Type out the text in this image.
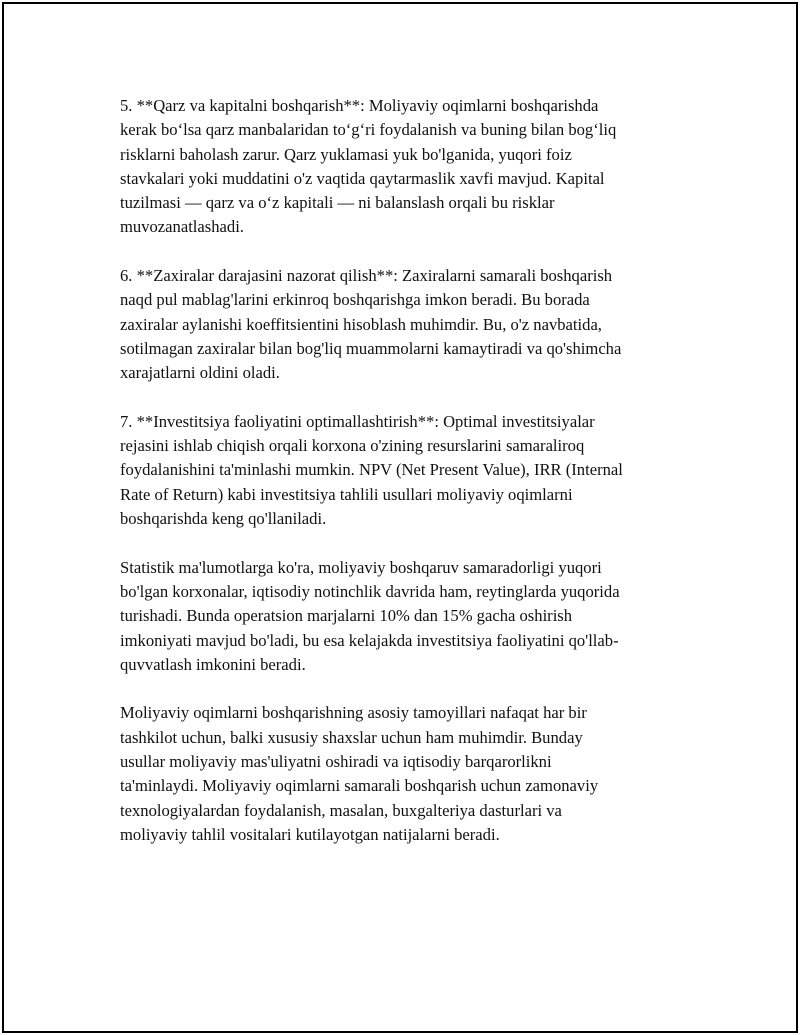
5. **Qarz va kapitalni boshqarish**: Moliyaviy oqimlarni boshqarishda
kerak bo‘lsa qarz manbalaridan to‘g‘ri foydalanish va buning bilan bog‘liq
risklarni baholash zarur. Qarz yuklamasi yuk bo'lganida, yuqori foiz
stavkalari yoki muddatini o'z vaqtida qaytarmaslik xavfi mavjud. Kapital
tuzilmasi — qarz va o‘z kapitali — ni balanslash orqali bu risklar
muvozanatlashadi.

6. **Zaxiralar darajasini nazorat qilish**: Zaxiralarni samarali boshqarish
naqd pul mablag'larini erkinroq boshqarishga imkon beradi. Bu borada
zaxiralar aylanishi koeffitsientini hisoblash muhimdir. Bu, o'z navbatida,
sotilmagan zaxiralar bilan bog'liq muammolarni kamaytiradi va qo'shimcha
xarajatlarni oldini oladi.

7. **Investitsiya faoliyatini optimallashtirish**: Optimal investitsiyalar
rejasini ishlab chiqish orqali korxona o'zining resurslarini samaraliroq
foydalanishini ta'minlashi mumkin. NPV (Net Present Value), IRR (Internal
Rate of Return) kabi investitsiya tahlili usullari moliyaviy oqimlarni
boshqarishda keng qo'llaniladi.

Statistik ma'lumotlarga ko'ra, moliyaviy boshqaruv samaradorligi yuqori
bo'lgan korxonalar, iqtisodiy notinchlik davrida ham, reytinglarda yuqorida
turishadi. Bunda operatsion marjalarni 10% dan 15% gacha oshirish
imkoniyati mavjud bo'ladi, bu esa kelajakda investitsiya faoliyatini qo'llab-
quvvatlash imkonini beradi.

Moliyaviy oqimlarni boshqarishning asosiy tamoyillari nafaqat har bir
tashkilot uchun, balki xususiy shaxslar uchun ham muhimdir. Bunday
usullar moliyaviy mas'uliyatni oshiradi va iqtisodiy barqarorlikni
ta'minlaydi. Moliyaviy oqimlarni samarali boshqarish uchun zamonaviy
texnologiyalardan foydalanish, masalan, buxgalteriya dasturlari va
moliyaviy tahlil vositalari kutilayotgan natijalarni beradi.
